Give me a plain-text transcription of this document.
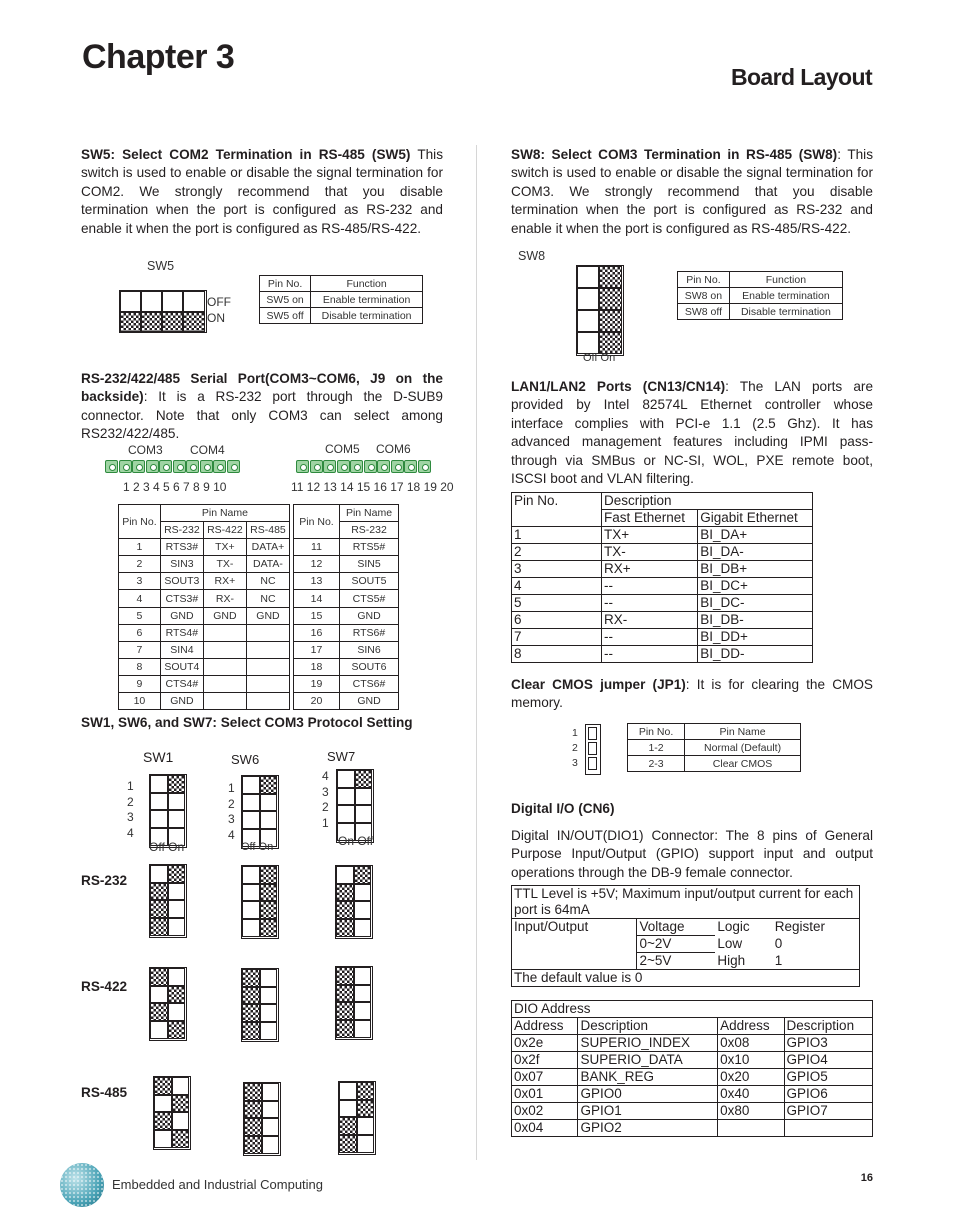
Chapter 3
Board Layout
SW5: Select COM2 Termination in RS-485 (SW5) This switch is used to enable or disable the signal termination for COM2. We strongly recommend that you disable termination when the port is configured as RS-232 and enable it when the port is configured as RS-485/RS-422.
SW5
OFF
ON
Pin No.	Function
SW5 on	Enable termination
SW5 off	Disable termination
RS-232/422/485 Serial Port(COM3~COM6, J9 on the backside): It is a RS-232 port through the D-SUB9 connector. Note that only COM3 can select among RS232/422/485.
COM3 COM4	COM5 COM6
1 2 3 4 5 6 7 8 9 10	11 12 13 14 15 16 17 18 19 20
Pin No.	Pin Name		
	RS-232	RS-422	RS-485
1	RTS3#	TX+	DATA+
2	SIN3	TX-	DATA-
3	SOUT3	RX+	NC
4	CTS3#	RX-	NC
5	GND	GND	GND
6	RTS4#		
7	SIN4		
8	SOUT4		
9	CTS4#		
10	GND		
Pin No.	Pin Name
	RS-232
11	RTS5#
12	SIN5
13	SOUT5
14	CTS5#
15	GND
16	RTS6#
17	SIN6
18	SOUT6
19	CTS6#
20	GND
SW1, SW6, and SW7: Select COM3 Protocol Setting
SW1	SW6	SW7
1
2
3
4
1
2
3
4
4
3
2
1
Off On	Off On	On Off
RS-232
RS-422
RS-485
SW8: Select COM3 Termination in RS-485 (SW8): This switch is used to enable or disable the signal termination for COM3. We strongly recommend that you disable termination when the port is configured as RS-232 and enable it when the port is configured as RS-485/RS-422.
SW8
Off On
Pin No.	Function
SW8 on	Enable termination
SW8 off	Disable termination
LAN1/LAN2 Ports (CN13/CN14): The LAN ports are provided by Intel 82574L Ethernet controller whose interface complies with PCI-e 1.1 (2.5 Ghz). It has advanced management features including IPMI pass-through via SMBus or NC-SI, WOL, PXE remote boot, ISCSI boot and VLAN filtering.
Pin No.	Description	
	Fast Ethernet	Gigabit Ethernet
1	TX+	BI_DA+
2	TX-	BI_DA-
3	RX+	BI_DB+
4	--	BI_DC+
5	--	BI_DC-
6	RX-	BI_DB-
7	--	BI_DD+
8	--	BI_DD-
Clear CMOS jumper (JP1): It is for clearing the CMOS memory.
1
2
3
Pin No.	Pin Name
1-2	Normal (Default)
2-3	Clear CMOS
Digital I/O (CN6)
Digital IN/OUT(DIO1) Connector: The 8 pins of General Purpose Input/Output (GPIO) support input and output operations through the DB-9 female connector.
TTL Level is +5V; Maximum input/output current for each port is 64mA			
Input/Output	Voltage	Logic	Register
	0~2V	Low	0
	2~5V	High	1
The default value is 0			
DIO Address			
Address	Description	Address	Description
0x2e	SUPERIO_INDEX	0x08	GPIO3
0x2f	SUPERIO_DATA	0x10	GPIO4
0x07	BANK_REG	0x20	GPIO5
0x01	GPIO0	0x40	GPIO6
0x02	GPIO1	0x80	GPIO7
0x04	GPIO2		
Embedded and Industrial Computing	16
